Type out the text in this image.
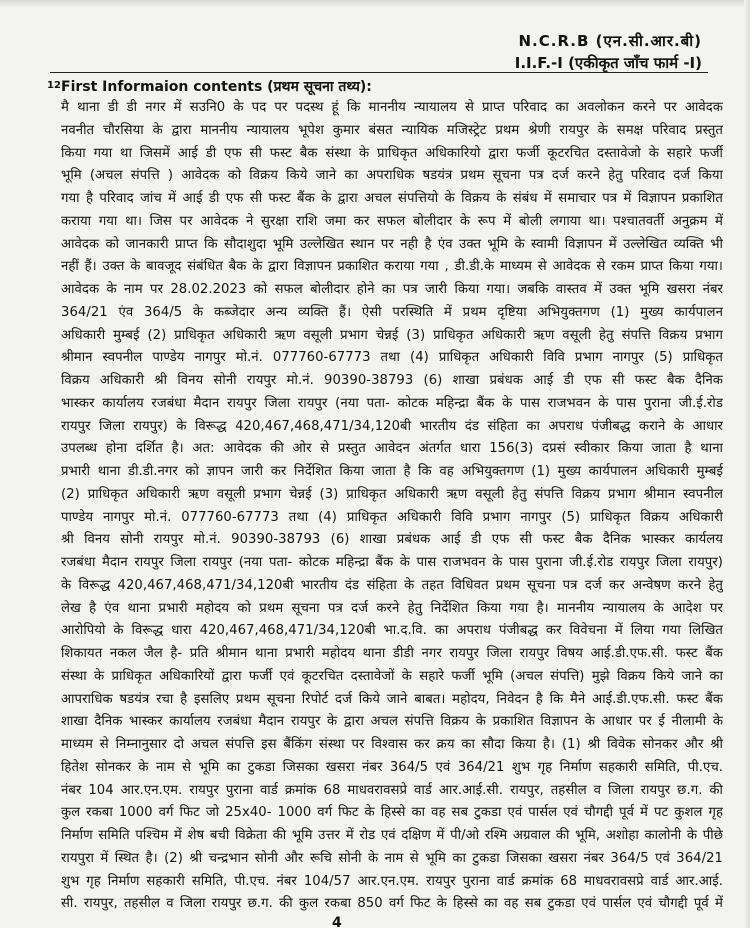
N.C.R.B (एन.सी.आर.बी)
I.I.F.-I (एकीकृत जाँच फार्म -I)
12 First Informaion contents (प्रथम सूचना तथ्य):
मै थाना डी डी नगर में सउनि0 के पद पर पदस्थ हूं कि माननीय न्यायालय से प्राप्त परिवाद का अवलोकन करने पर आवेदक
नवनीत चौरसिया के द्वारा माननीय न्यायालय भूपेश कुमार बंसत न्यायिक मजिस्ट्रेट प्रथम श्रेणी रायपुर के समक्ष परिवाद प्रस्तुत
किया गया था जिसमें आई डी एफ सी फस्ट बैक संस्था के प्राधिकृत अधिकारियो द्वारा फर्जी कूटरचित दस्तावेजो के सहारे फर्जी
भूमि (अचल संपत्ति ) आवेदक को विक्रय किये जाने का अपराधिक षडयंत्र प्रथम सूचना पत्र दर्ज करने हेतु परिवाद दर्ज किया
गया है परिवाद जांच में आई डी एफ सी फस्ट बैंक के द्वारा अचल संपत्तियो के विक्रय के संबंध में समाचार पत्र में विज्ञापन प्रकाशित
कराया गया था। जिस पर आवेदक ने सुरक्षा राशि जमा कर सफल बोलीदार के रूप में बोली लगाया था। पश्चातवर्ती अनुक्रम में
आवेदक को जानकारी प्राप्त कि सौदाशुदा भूमि उल्लेखित स्थान पर नही है एंव उक्त भूमि के स्वामी विज्ञापन में उल्लेखित व्यक्ति भी
नहीं हैं। उक्त के बावजूद संबंधित बैक के द्वारा विज्ञापन प्रकाशित कराया गया , डी.डी.के माध्यम से आवेदक से रकम प्राप्त किया गया।
आवेदक के नाम पर 28.02.2023 को सफल बोलीदार होने का पत्र जारी किया गया। जबकि वास्तव में उक्त भूमि खसरा नंबर
364/21 एंव 364/5 के कब्जेदार अन्य व्यक्ति हैं। ऐसी परस्थिति में प्रथम दृष्टिया अभियुक्तगण (1) मुख्य कार्यपालन
अधिकारी मुम्बई (2) प्राधिकृत अधिकारी ऋण वसूली प्रभाग चेन्नई (3) प्राधिकृत अधिकारी ऋण वसूली हेतु संपत्ति विक्रय प्रभाग
श्रीमान स्वपनील पाण्डेय नागपुर मो.नं. 077760-67773 तथा (4) प्राधिकृत अधिकारी विवि प्रभाग नागपुर (5) प्राधिकृत
विक्रय अधिकारी श्री विनय सोनी रायपुर मो.नं. 90390-38793 (6) शाखा प्रबंधक आई डी एफ सी फस्ट बैक दैनिक
भास्कर कार्यालय रजबंधा मैदान रायपुर जिला रायपुर (नया पता- कोटक महिन्द्रा बैंक के पास राजभवन के पास पुराना जी.ई.रोड
रायपुर जिला रायपुर) के विरूद्ध 420,467,468,471/34,120बी भारतीय दंड संहिता का अपराध पंजीबद्ध कराने के आधार
उपलब्ध होना दर्शित है। अत: आवेदक की ओर से प्रस्तुत आवेदन अंतर्गत धारा 156(3) दप्रसं स्वीकार किया जाता है थाना
प्रभारी थाना डी.डी.नगर को ज्ञापन जारी कर निर्देशित किया जाता है कि वह अभियुक्तगण (1) मुख्य कार्यपालन अधिकारी मुम्बई
(2) प्राधिकृत अधिकारी ऋण वसूली प्रभाग चेन्नई (3) प्राधिकृत अधिकारी ऋण वसूली हेतु संपत्ति विक्रय प्रभाग श्रीमान स्वपनील
पाण्डेय नागपुर मो.नं. 077760-67773 तथा (4) प्राधिकृत अधिकारी विवि प्रभाग नागपुर (5) प्राधिकृत विक्रय अधिकारी
श्री विनय सोनी रायपुर मो.नं. 90390-38793 (6) शाखा प्रबंधक आई डी एफ सी फस्ट बैक दैनिक भास्कर कार्यलय
रजबंधा मैदान रायपुर जिला रायपुर (नया पता- कोटक महिन्द्रा बैंक के पास राजभवन के पास पुराना जी.ई.रोड रायपुर जिला रायपुर)
के विरूद्ध 420,467,468,471/34,120बी भारतीय दंड संहिता के तहत विधिवत प्रथम सूचना पत्र दर्ज कर अन्वेषण करने हेतु
लेख है एंव थाना प्रभारी महोदय को प्रथम सूचना पत्र दर्ज करने हेतु निर्देशित किया गया है। माननीय न्यायालय के आदेश पर
आरोपियो के विरूद्ध धारा 420,467,468,471/34,120बी भा.द.वि. का अपराध पंजीबद्ध कर विवेचना में लिया गया लिखित
शिकायत नकल जैल है- प्रति श्रीमान थाना प्रभारी महोदय थाना डीडी नगर रायपुर जिला रायपुर विषय आई.डी.एफ.सी. फस्ट बैंक
संस्था के प्राधिकृत अधिकारियों द्वारा फर्जी एवं कूटरचित दस्तावेजों के सहारे फर्जी भूमि (अचल संपत्ति) मुझे विक्रय किये जाने का
आपराधिक षडयंत्र रचा है इसलिए प्रथम सूचना रिपोर्ट दर्ज किये जाने बाबत। महोदय, निवेदन है कि मैने आई.डी.एफ.सी. फस्ट बैंक
शाखा दैनिक भास्कर कार्यालय रजबंधा मैदान रायपुर के द्वारा अचल संपत्ति विक्रय के प्रकाशित विज्ञापन के आधार पर ई नीलामी के
माध्यम से निम्नानुसार दो अचल संपत्ति इस बैंकिंग संस्था पर विश्वास कर क्रय का सौदा किया है। (1) श्री विवेक सोनकर और श्री
हितेश सोनकर के नाम से भूमि का टुकडा जिसका खसरा नंबर 364/5 एवं 364/21 शुभ गृह निर्माण सहकारी समिति, पी.एच.
नंबर 104 आर.एन.एम. रायपुर पुराना वार्ड क्रमांक 68 माधवरावसप्रे वार्ड आर.आई.सी. रायपुर, तहसील व जिला रायपुर छ.ग. की
कुल रकबा 1000 वर्ग फिट जो 25x40- 1000 वर्ग फिट के हिस्से का वह सब टुकडा एवं पार्सल एवं चौगद्दी पूर्व में पट कुशल गृह
निर्माण समिति पश्चिम में शेष बची विक्रेता की भूमि उत्तर में रोड एवं दक्षिण में पी/ओ रश्मि अग्रवाल की भूमि, अशोहा कालोनी के पीछे
रायपुरा में स्थित है। (2) श्री चन्द्रभान सोनी और रूचि सोनी के नाम से भूमि का टुकडा जिसका खसरा नंबर 364/5 एवं 364/21
शुभ गृह निर्माण सहकारी समिति, पी.एच. नंबर 104/57 आर.एन.एम. रायपुर पुराना वार्ड क्रमांक 68 माधवरावसप्रे वार्ड आर.आई.
सी. रायपुर, तहसील व जिला रायपुर छ.ग. की कुल रकबा 850 वर्ग फिट के हिस्से का वह सब टुकडा एवं पार्सल एवं चौगद्दी पूर्व में
4
